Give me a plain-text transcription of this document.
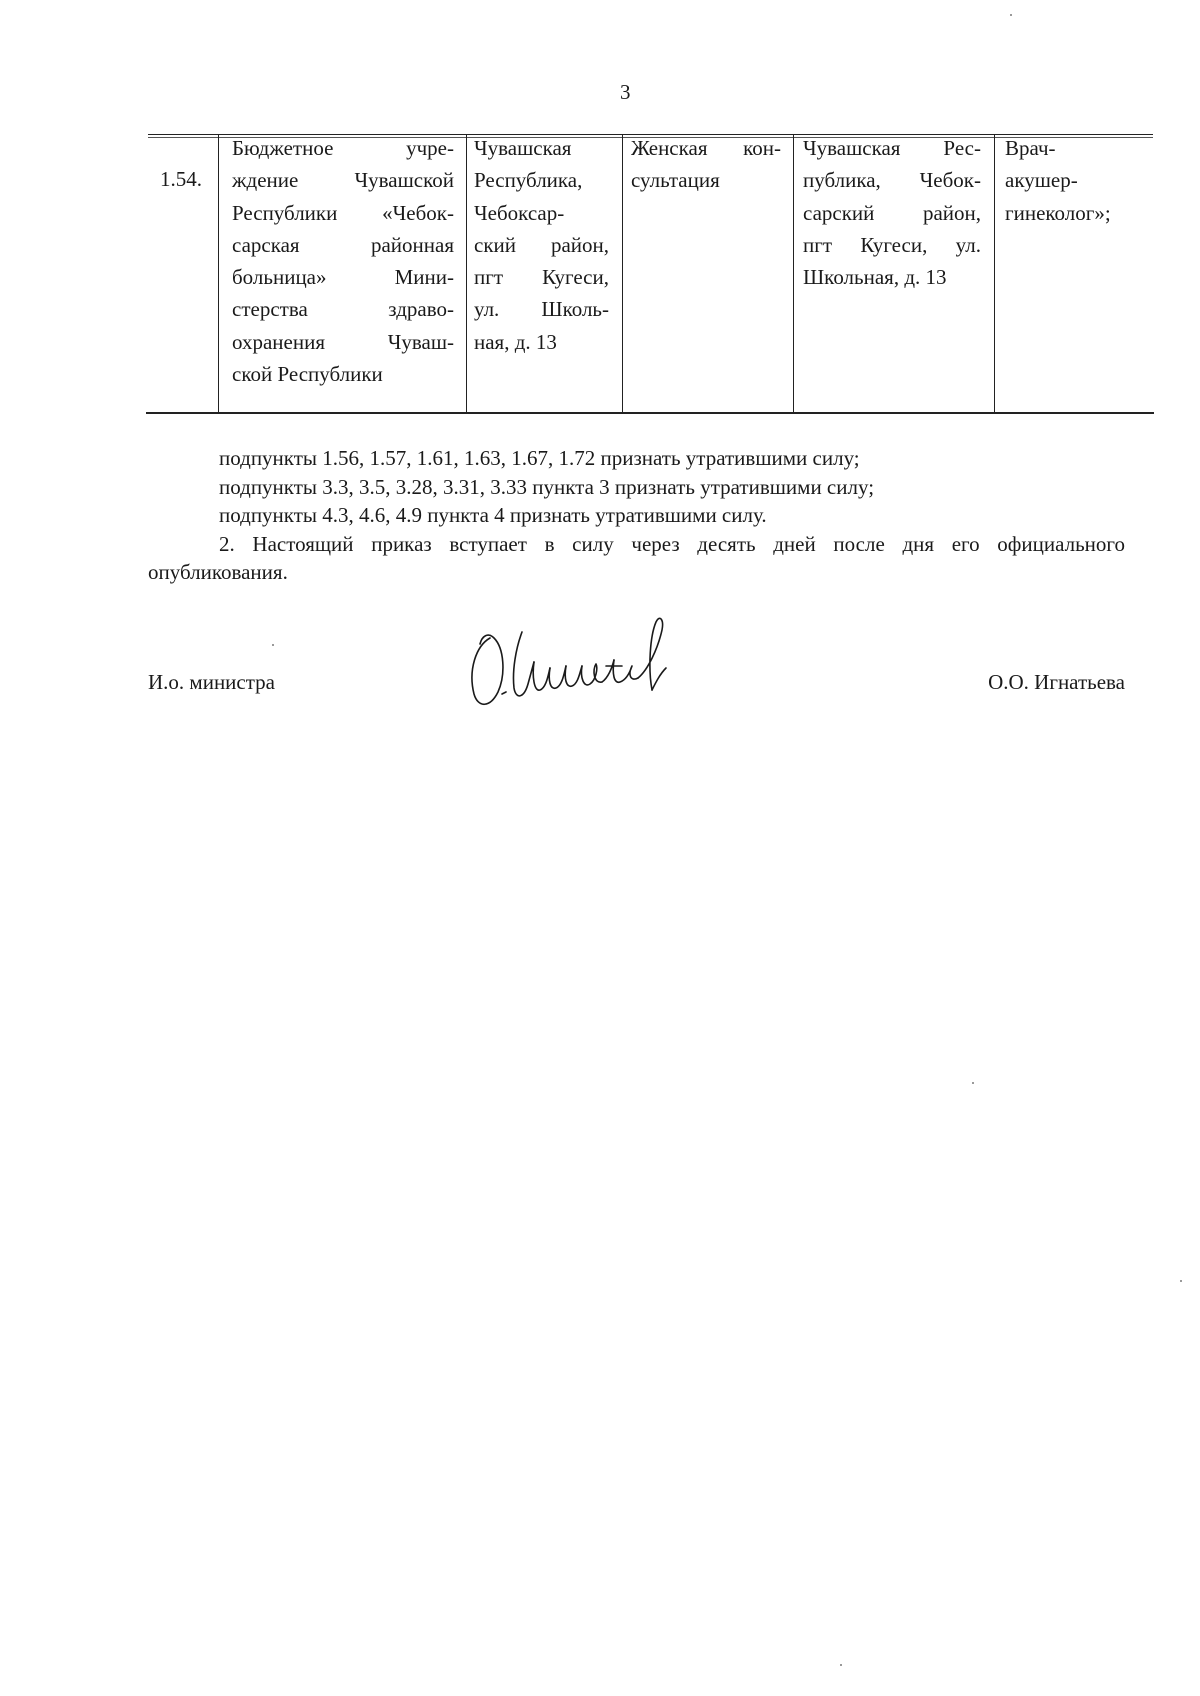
3
1.54.
Бюджетное учре-
ждение Чувашской
Республики «Чебок-
сарская районная
больница» Мини-
стерства здраво-
охранения Чуваш-
ской Республики
Чувашская
Республика,
Чебоксар-
ский район,
пгт Кугеси,
ул. Школь-
ная, д. 13
Женская кон-
сультация
Чувашская Рес-
публика, Чебок-
сарский район,
пгт Кугеси, ул.
Школьная, д. 13
Врач-
акушер-
гинеколог»;
подпункты 1.56, 1.57, 1.61, 1.63, 1.67, 1.72 признать утратившими силу;
подпункты 3.3, 3.5, 3.28, 3.31, 3.33 пункта 3 признать утратившими силу;
подпункты 4.3, 4.6, 4.9 пункта 4 признать утратившими силу.
2. Настоящий приказ вступает в силу через десять дней после дня его официального
опубликования.
И.о. министра	О.О. Игнатьева
